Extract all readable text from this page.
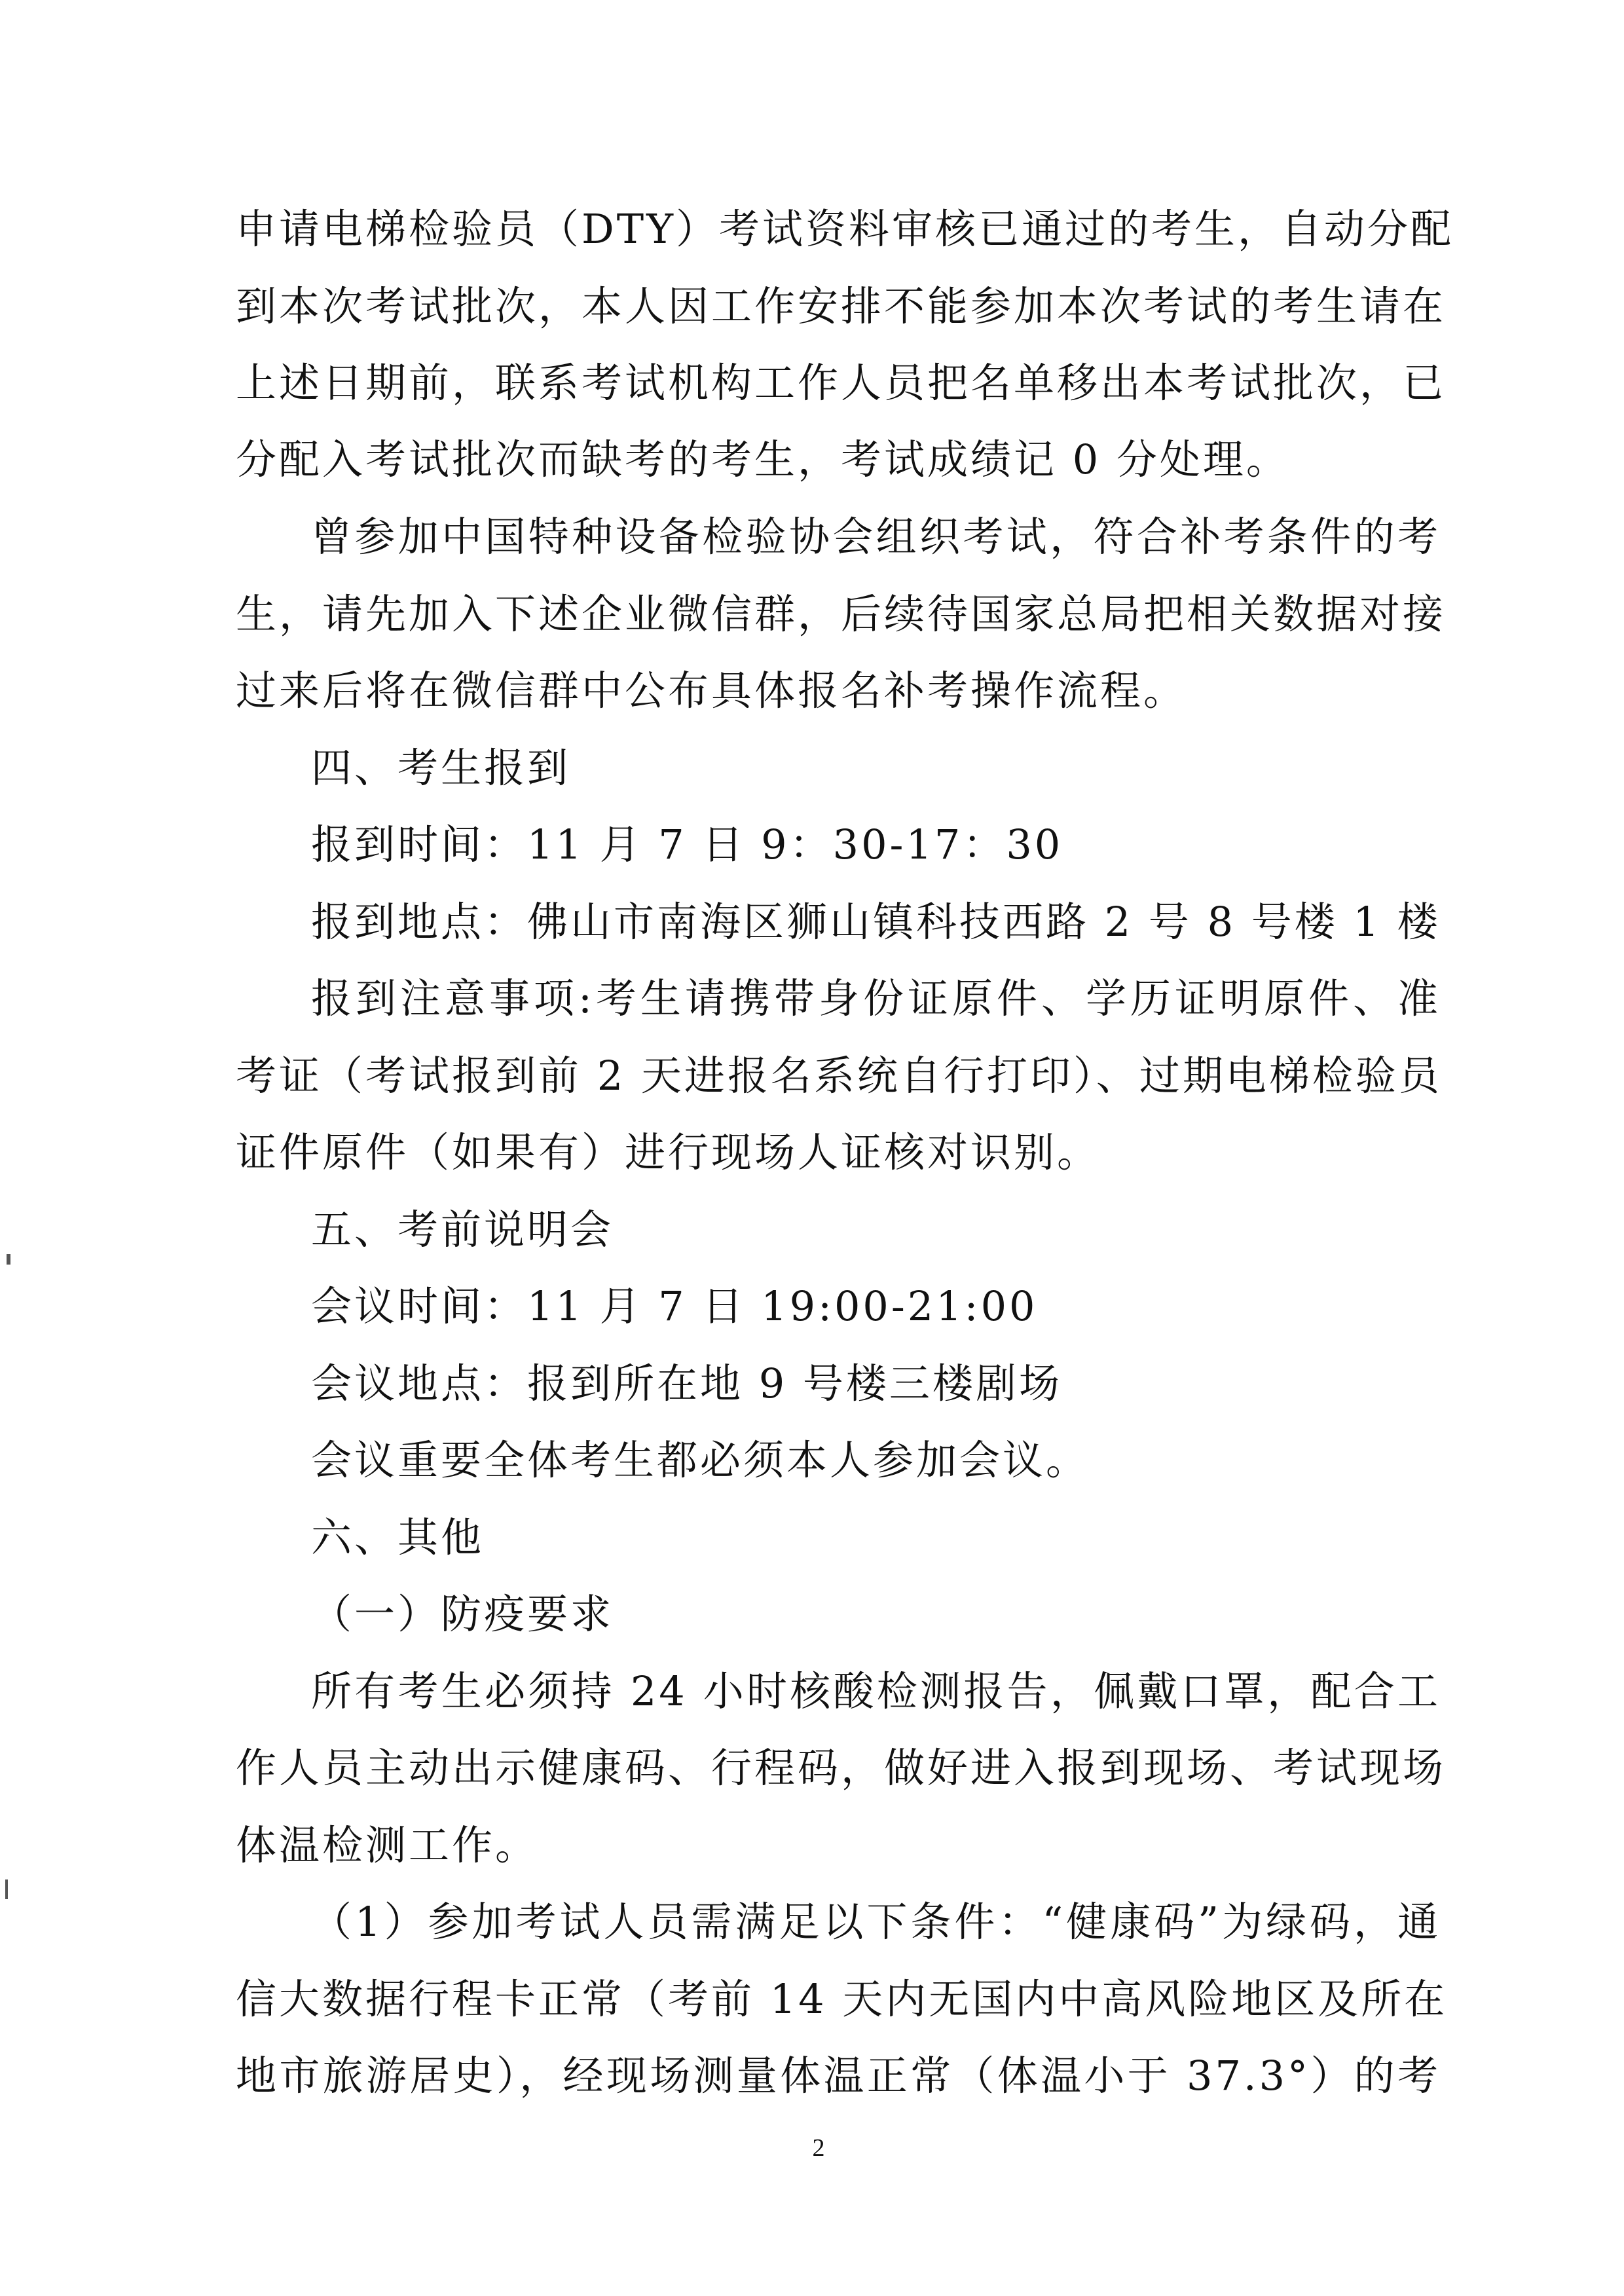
申请电梯检验员（DTY）考试资料审核已通过的考生，自动分配
到本次考试批次，本人因工作安排不能参加本次考试的考生请在
上述日期前，联系考试机构工作人员把名单移出本考试批次，已
分配入考试批次而缺考的考生，考试成绩记 0 分处理。
曾参加中国特种设备检验协会组织考试，符合补考条件的考
生，请先加入下述企业微信群，后续待国家总局把相关数据对接
过来后将在微信群中公布具体报名补考操作流程。
四、考生报到
报到时间：11 月 7 日 9：30-17：30
报到地点：佛山市南海区狮山镇科技西路 2 号 8 号楼 1 楼
报到注意事项:考生请携带身份证原件、学历证明原件、准
考证（考试报到前 2 天进报名系统自行打印）、过期电梯检验员
证件原件（如果有）进行现场人证核对识别。
五、考前说明会
会议时间：11 月 7 日 19:00-21:00
会议地点：报到所在地 9 号楼三楼剧场
会议重要全体考生都必须本人参加会议。
六、其他
（一）防疫要求
所有考生必须持 24 小时核酸检测报告，佩戴口罩，配合工
作人员主动出示健康码、行程码，做好进入报到现场、考试现场
体温检测工作。
（1）参加考试人员需满足以下条件：“健康码”为绿码，通
信大数据行程卡正常（考前 14 天内无国内中高风险地区及所在
地市旅游居史），经现场测量体温正常（体温小于 37.3°）的考
2
